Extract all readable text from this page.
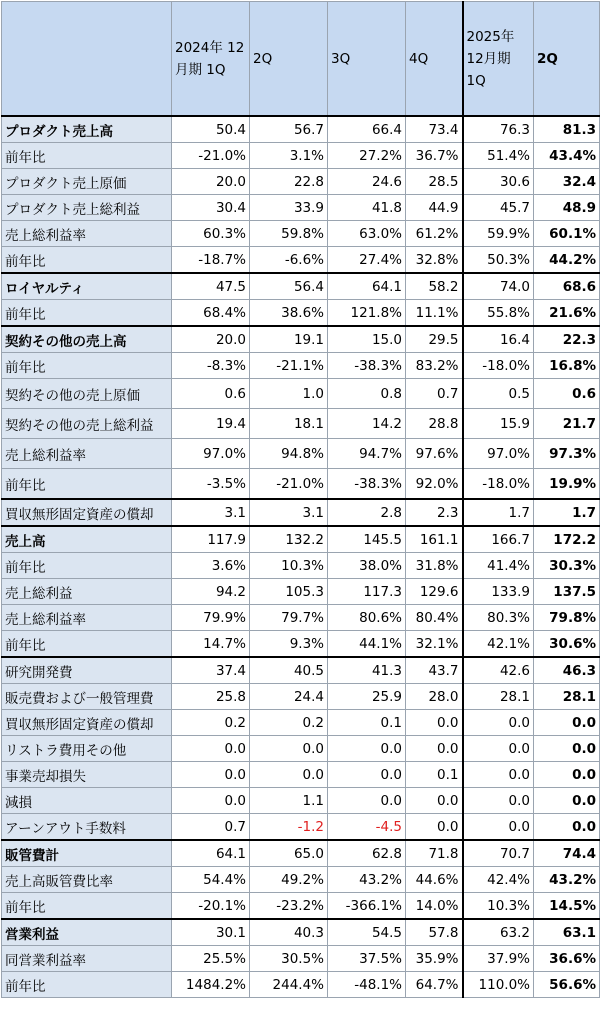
	2024年 12月期 1Q	2Q	3Q	4Q	2025年 12月期 1Q	2Q
プロダクト売上高	50.4	56.7	66.4	73.4	76.3	81.3
前年比	-21.0%	3.1%	27.2%	36.7%	51.4%	43.4%
プロダクト売上原価	20.0	22.8	24.6	28.5	30.6	32.4
プロダクト売上総利益	30.4	33.9	41.8	44.9	45.7	48.9
売上総利益率	60.3%	59.8%	63.0%	61.2%	59.9%	60.1%
前年比	-18.7%	-6.6%	27.4%	32.8%	50.3%	44.2%
ロイヤルティ	47.5	56.4	64.1	58.2	74.0	68.6
前年比	68.4%	38.6%	121.8%	11.1%	55.8%	21.6%
契約その他の売上高	20.0	19.1	15.0	29.5	16.4	22.3
前年比	-8.3%	-21.1%	-38.3%	83.2%	-18.0%	16.8%
契約その他の売上原価	0.6	1.0	0.8	0.7	0.5	0.6
契約その他の売上総利益	19.4	18.1	14.2	28.8	15.9	21.7
売上総利益率	97.0%	94.8%	94.7%	97.6%	97.0%	97.3%
前年比	-3.5%	-21.0%	-38.3%	92.0%	-18.0%	19.9%
買収無形固定資産の償却	3.1	3.1	2.8	2.3	1.7	1.7
売上高	117.9	132.2	145.5	161.1	166.7	172.2
前年比	3.6%	10.3%	38.0%	31.8%	41.4%	30.3%
売上総利益	94.2	105.3	117.3	129.6	133.9	137.5
売上総利益率	79.9%	79.7%	80.6%	80.4%	80.3%	79.8%
前年比	14.7%	9.3%	44.1%	32.1%	42.1%	30.6%
研究開発費	37.4	40.5	41.3	43.7	42.6	46.3
販売費および一般管理費	25.8	24.4	25.9	28.0	28.1	28.1
買収無形固定資産の償却	0.2	0.2	0.1	0.0	0.0	0.0
リストラ費用その他	0.0	0.0	0.0	0.0	0.0	0.0
事業売却損失	0.0	0.0	0.0	0.1	0.0	0.0
減損	0.0	1.1	0.0	0.0	0.0	0.0
アーンアウト手数料	0.7	-1.2	-4.5	0.0	0.0	0.0
販管費計	64.1	65.0	62.8	71.8	70.7	74.4
売上高販管費比率	54.4%	49.2%	43.2%	44.6%	42.4%	43.2%
前年比	-20.1%	-23.2%	-366.1%	14.0%	10.3%	14.5%
営業利益	30.1	40.3	54.5	57.8	63.2	63.1
同営業利益率	25.5%	30.5%	37.5%	35.9%	37.9%	36.6%
前年比	1484.2%	244.4%	-48.1%	64.7%	110.0%	56.6%
